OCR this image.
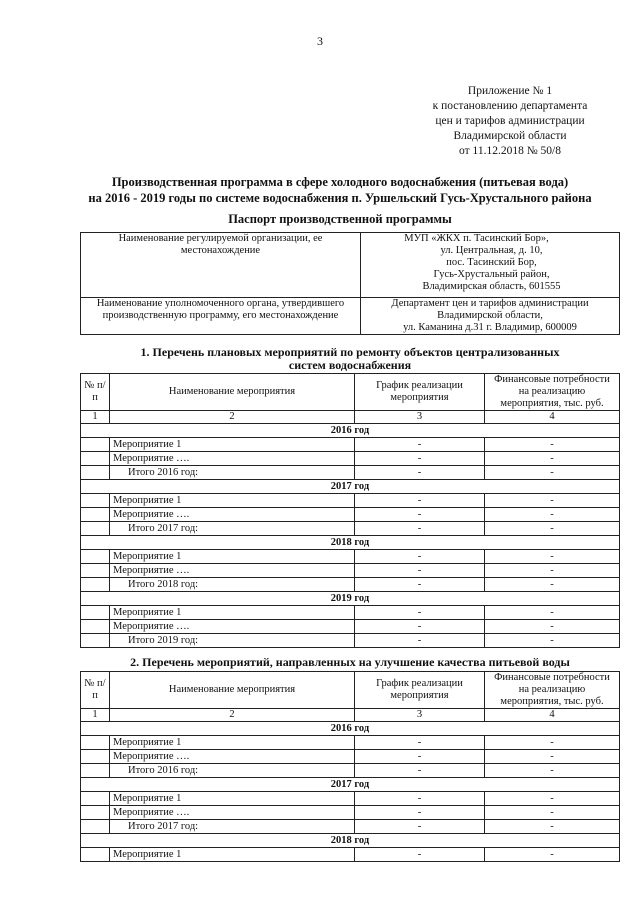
3
Приложение № 1
к постановлению департамента
цен и тарифов администрации
Владимирской области
от 11.12.2018 № 50/8
Производственная программа в сфере холодного водоснабжения (питьевая вода)
на 2016 - 2019 годы по системе водоснабжения п. Уршельский Гусь-Хрустального района
Паспорт производственной программы
Наименование регулируемой организации, ее местонахождение	МУП «ЖКХ п. Тасинский Бор»,
ул. Центральная, д. 10,
пос. Тасинский Бор,
Гусь-Хрустальный район,
Владимирская область, 601555

Наименование уполномоченного органа, утвердившего производственную программу, его местонахождение	Департамент цен и тарифов администрации
Владимирской области,
ул. Каманина д.31 г. Владимир, 600009
1. Перечень плановых мероприятий по ремонту объектов централизованных
систем водоснабжения
№ п/п	Наименование мероприятия	График реализации мероприятия	Финансовые потребности на реализацию мероприятия, тыс. руб.
1	2	3	4
2016 год			
	Мероприятие 1	-	-
	Мероприятие ….	-	-
	Итого 2016 год:	-	-
2017 год			
	Мероприятие 1	-	-
	Мероприятие ….	-	-
	Итого 2017 год:	-	-
2018 год			
	Мероприятие 1	-	-
	Мероприятие ….	-	-
	Итого 2018 год:	-	-
2019 год			
	Мероприятие 1	-	-
	Мероприятие ….	-	-
	Итого 2019 год:	-	-
2. Перечень мероприятий, направленных на улучшение качества питьевой воды
№ п/п	Наименование мероприятия	График реализации мероприятия	Финансовые потребности на реализацию мероприятия, тыс. руб.
1	2	3	4
2016 год			
	Мероприятие 1	-	-
	Мероприятие ….	-	-
	Итого 2016 год:	-	-
2017 год			
	Мероприятие 1	-	-
	Мероприятие ….	-	-
	Итого 2017 год:	-	-
2018 год			
	Мероприятие 1	-	-
